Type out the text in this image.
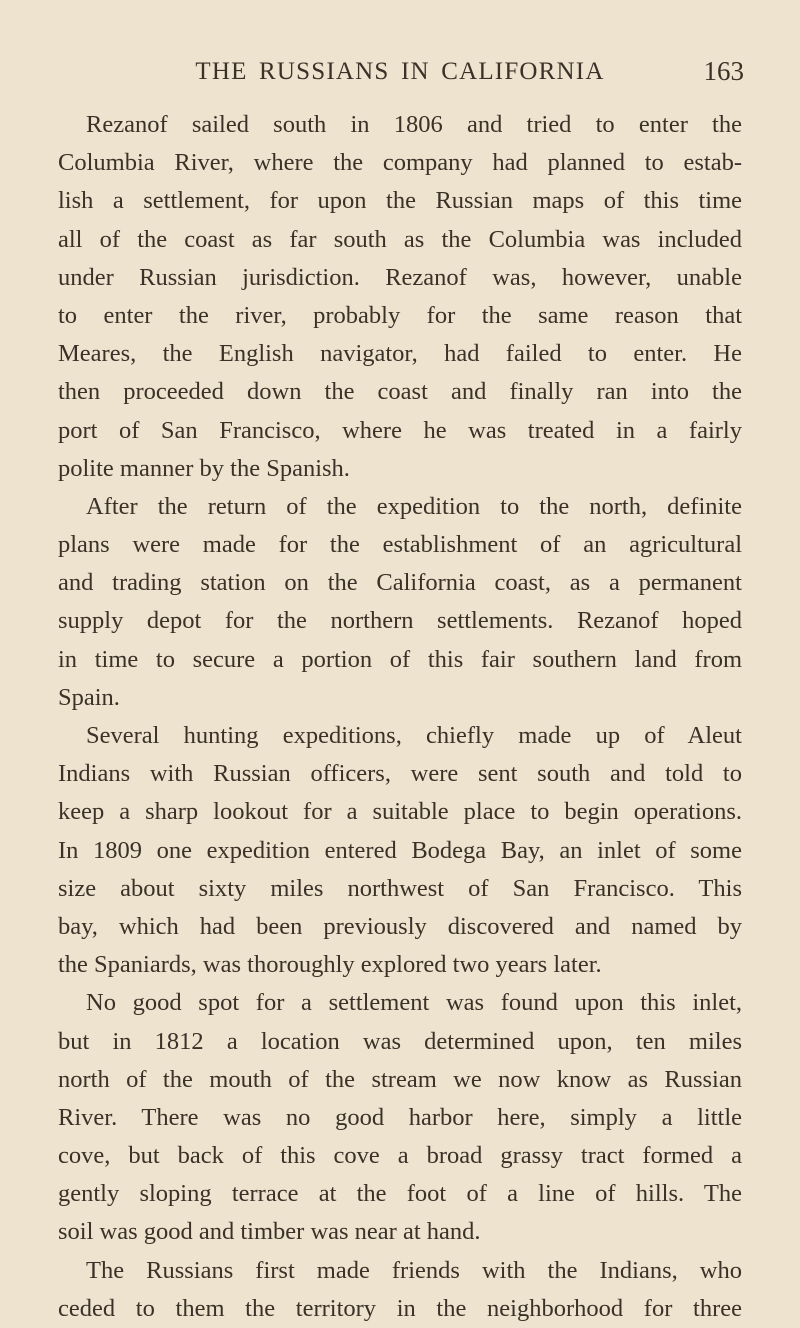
THE RUSSIANS IN CALIFORNIA	163
Rezanof sailed south in 1806 and tried to enter the
Columbia River, where the company had planned to estab-
lish a settlement, for upon the Russian maps of this time
all of the coast as far south as the Columbia was included
under Russian jurisdiction. Rezanof was, however, unable
to enter the river, probably for the same reason that
Meares, the English navigator, had failed to enter. He
then proceeded down the coast and finally ran into the
port of San Francisco, where he was treated in a fairly
polite manner by the Spanish.
After the return of the expedition to the north, definite
plans were made for the establishment of an agricultural
and trading station on the California coast, as a permanent
supply depot for the northern settlements. Rezanof hoped
in time to secure a portion of this fair southern land from
Spain.
Several hunting expeditions, chiefly made up of Aleut
Indians with Russian officers, were sent south and told to
keep a sharp lookout for a suitable place to begin operations.
In 1809 one expedition entered Bodega Bay, an inlet of some
size about sixty miles northwest of San Francisco. This
bay, which had been previously discovered and named by
the Spaniards, was thoroughly explored two years later.
No good spot for a settlement was found upon this inlet,
but in 1812 a location was determined upon, ten miles
north of the mouth of the stream we now know as Russian
River. There was no good harbor here, simply a little
cove, but back of this cove a broad grassy tract formed a
gently sloping terrace at the foot of a line of hills. The
soil was good and timber was near at hand.
The Russians first made friends with the Indians, who
ceded to them the territory in the neighborhood for three
